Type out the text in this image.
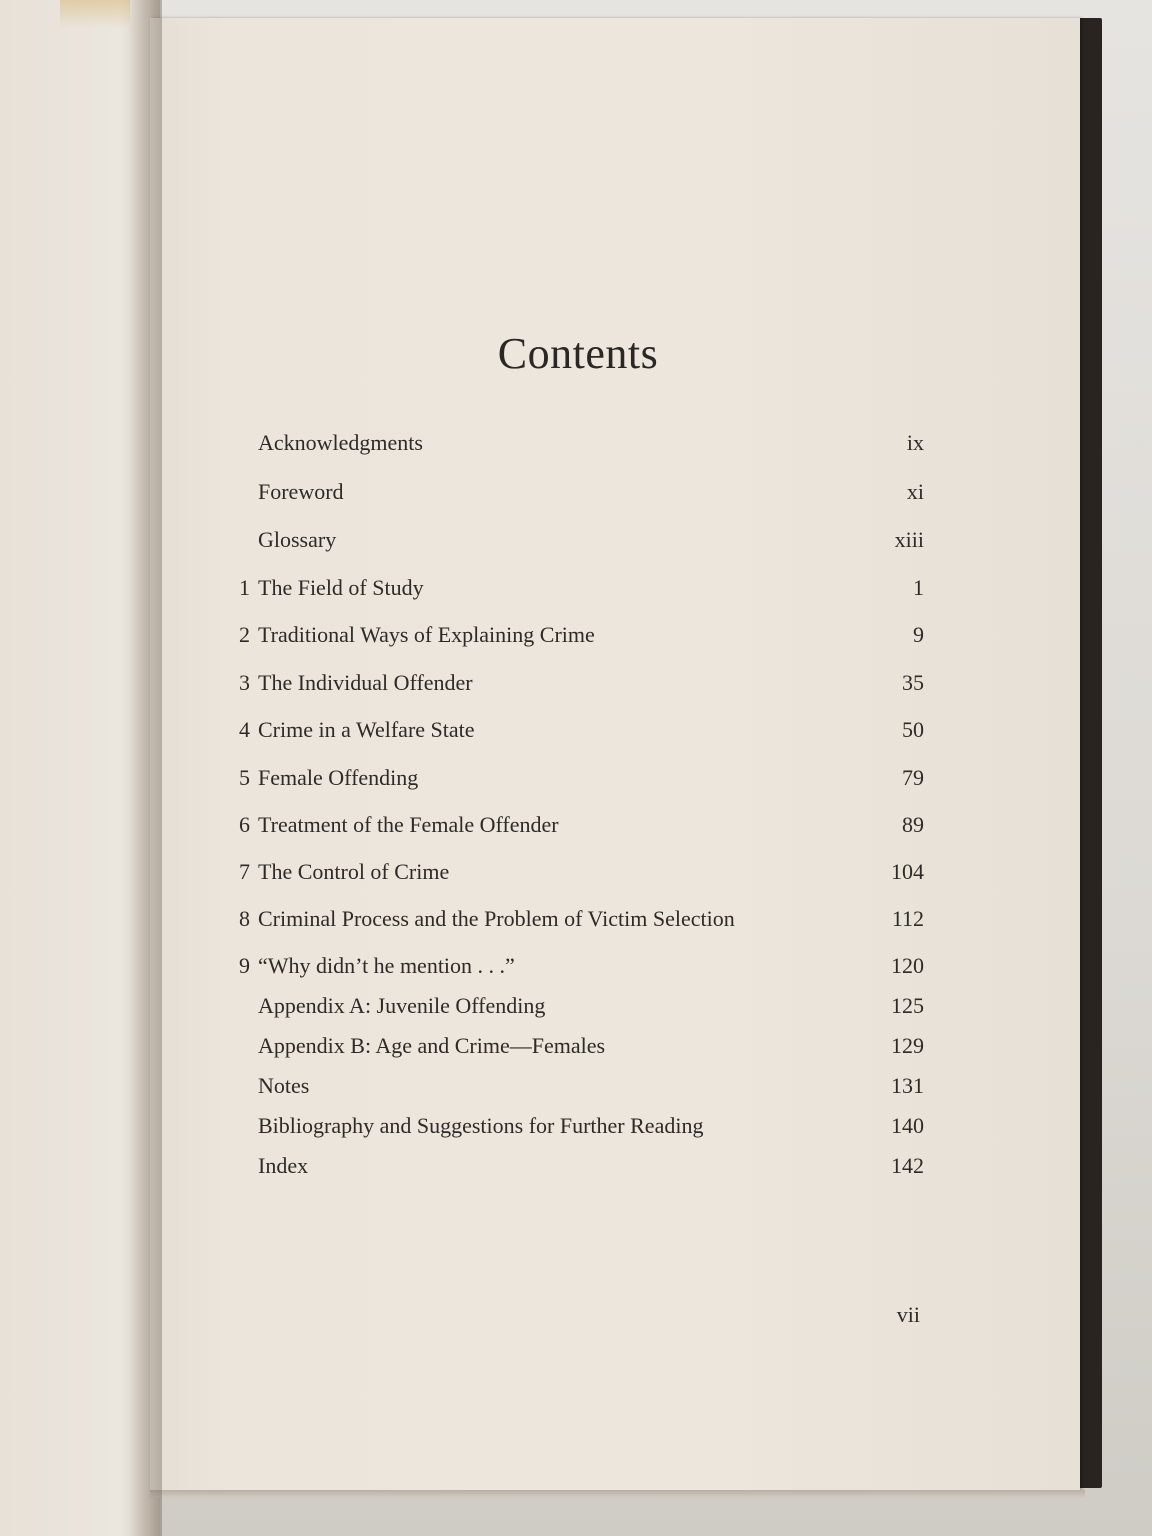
Contents
Acknowledgments	ix
Foreword	xi
Glossary	xiii
1 The Field of Study	1
2 Traditional Ways of Explaining Crime	9
3 The Individual Offender	35
4 Crime in a Welfare State	50
5 Female Offending	79
6 Treatment of the Female Offender	89
7 The Control of Crime	104
8 Criminal Process and the Problem of Victim Selection	112
9 “Why didn’t he mention . . .”	120
Appendix A: Juvenile Offending	125
Appendix B: Age and Crime—Females	129
Notes	131
Bibliography and Suggestions for Further Reading	140
Index	142
vii
